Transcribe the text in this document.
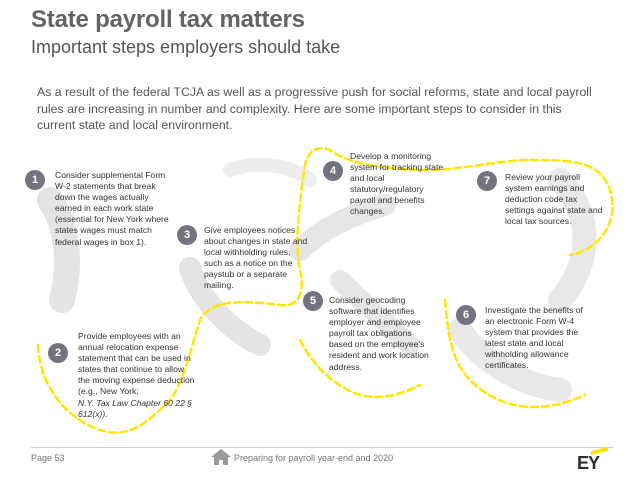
State payroll tax matters
Important steps employers should take
As a result of the federal TCJA as well as a progressive push for social reforms, state and local payroll rules are increasing in number and complexity. Here are some important steps to consider in this current state and local environment.
1
2
3
4
5
6
7
Consider supplemental Form W-2 statements that break down the wages actually earned in each work state (essential for New York where states wages must match federal wages in box 1).
Provide employees with an annual relocation expense statement that can be used in states that continue to allow the moving expense deduction (e.g., New York;
N.Y. Tax Law Chapter 60 22 § 612(x)).
Give employees notices about changes in state and local withholding rules, such as a notice on the paystub or a separate mailing.
Develop a monitoring system for tracking state and local statutory/regulatory payroll and benefits changes.
Consider geocoding software that identifies employer and employee payroll tax obligations based on the employee’s resident and work location address.
Investigate the benefits of an electronic Form W-4 system that provides the latest state and local withholding allowance certificates.
Review your payroll system earnings and deduction code tax settings against state and local tax sources.
Page 53	Preparing for payroll year-end and 2020	EY
